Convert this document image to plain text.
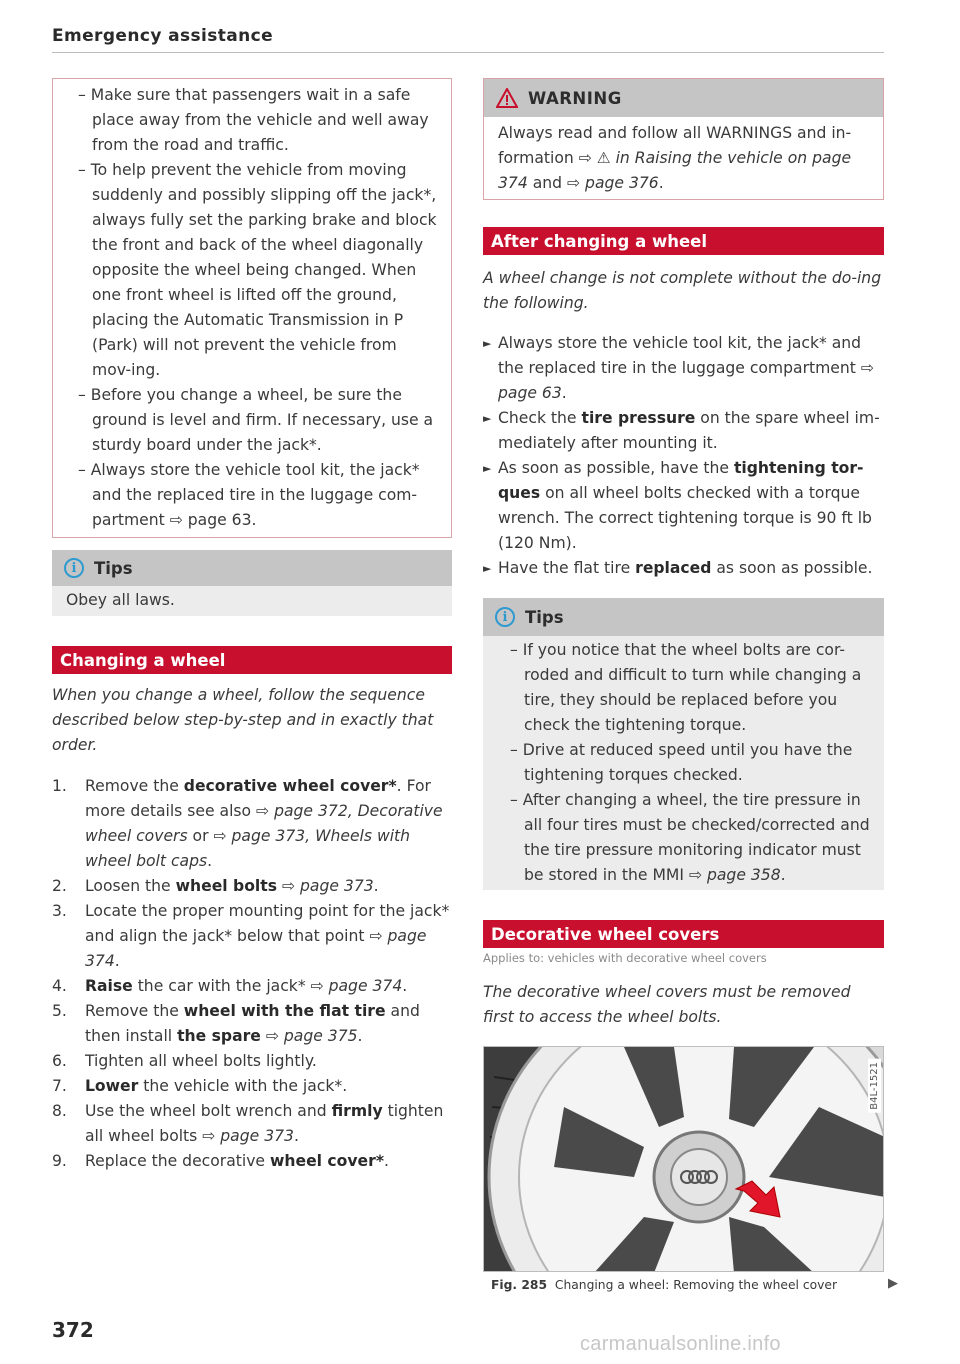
Emergency assistance
– Make sure that passengers wait in a safe place away from the vehicle and well away from the road and traffic.
– To help prevent the vehicle from moving suddenly and possibly slipping off the jack*, always fully set the parking brake and block the front and back of the wheel diagonally opposite the wheel being changed. When one front wheel is lifted off the ground, placing the Automatic Transmission in P (Park) will not prevent the vehicle from mov-ing.
– Before you change a wheel, be sure the ground is level and firm. If necessary, use a sturdy board under the jack*.
– Always store the vehicle tool kit, the jack* and the replaced tire in the luggage com-partment ⇨ page 63.
i	Tips
Obey all laws.
Changing a wheel
When you change a wheel, follow the sequence described below step-by-step and in exactly that order.
1. Remove the decorative wheel cover*. For more details see also ⇨ page 372, Decorative wheel covers or ⇨ page 373, Wheels with wheel bolt caps.
2. Loosen the wheel bolts ⇨ page 373.
3. Locate the proper mounting point for the jack* and align the jack* below that point ⇨ page 374.
4. Raise the car with the jack* ⇨ page 374.
5. Remove the wheel with the flat tire and then install the spare ⇨ page 375.
6. Tighten all wheel bolts lightly.
7. Lower the vehicle with the jack*.
8. Use the wheel bolt wrench and firmly tighten all wheel bolts ⇨ page 373.
9. Replace the decorative wheel cover*.
372
WARNING
Always read and follow all WARNINGS and in-formation ⇨ ⚠ in Raising the vehicle on page 374 and ⇨ page 376.
After changing a wheel
A wheel change is not complete without the do-ing the following.
► Always store the vehicle tool kit, the jack* and the replaced tire in the luggage compartment ⇨ page 63.
► Check the tire pressure on the spare wheel im-mediately after mounting it.
► As soon as possible, have the tightening tor-ques on all wheel bolts checked with a torque wrench. The correct tightening torque is 90 ft lb (120 Nm).
► Have the flat tire replaced as soon as possible.
i	Tips
– If you notice that the wheel bolts are cor-roded and difficult to turn while changing a tire, they should be replaced before you check the tightening torque.
– Drive at reduced speed until you have the tightening torques checked.
– After changing a wheel, the tire pressure in all four tires must be checked/corrected and the tire pressure monitoring indicator must be stored in the MMI ⇨ page 358.
Decorative wheel covers
Applies to: vehicles with decorative wheel covers
The decorative wheel covers must be removed first to access the wheel bolts.
B4L-1521
Fig. 285 Changing a wheel: Removing the wheel cover	▶
carmanualsonline.info
